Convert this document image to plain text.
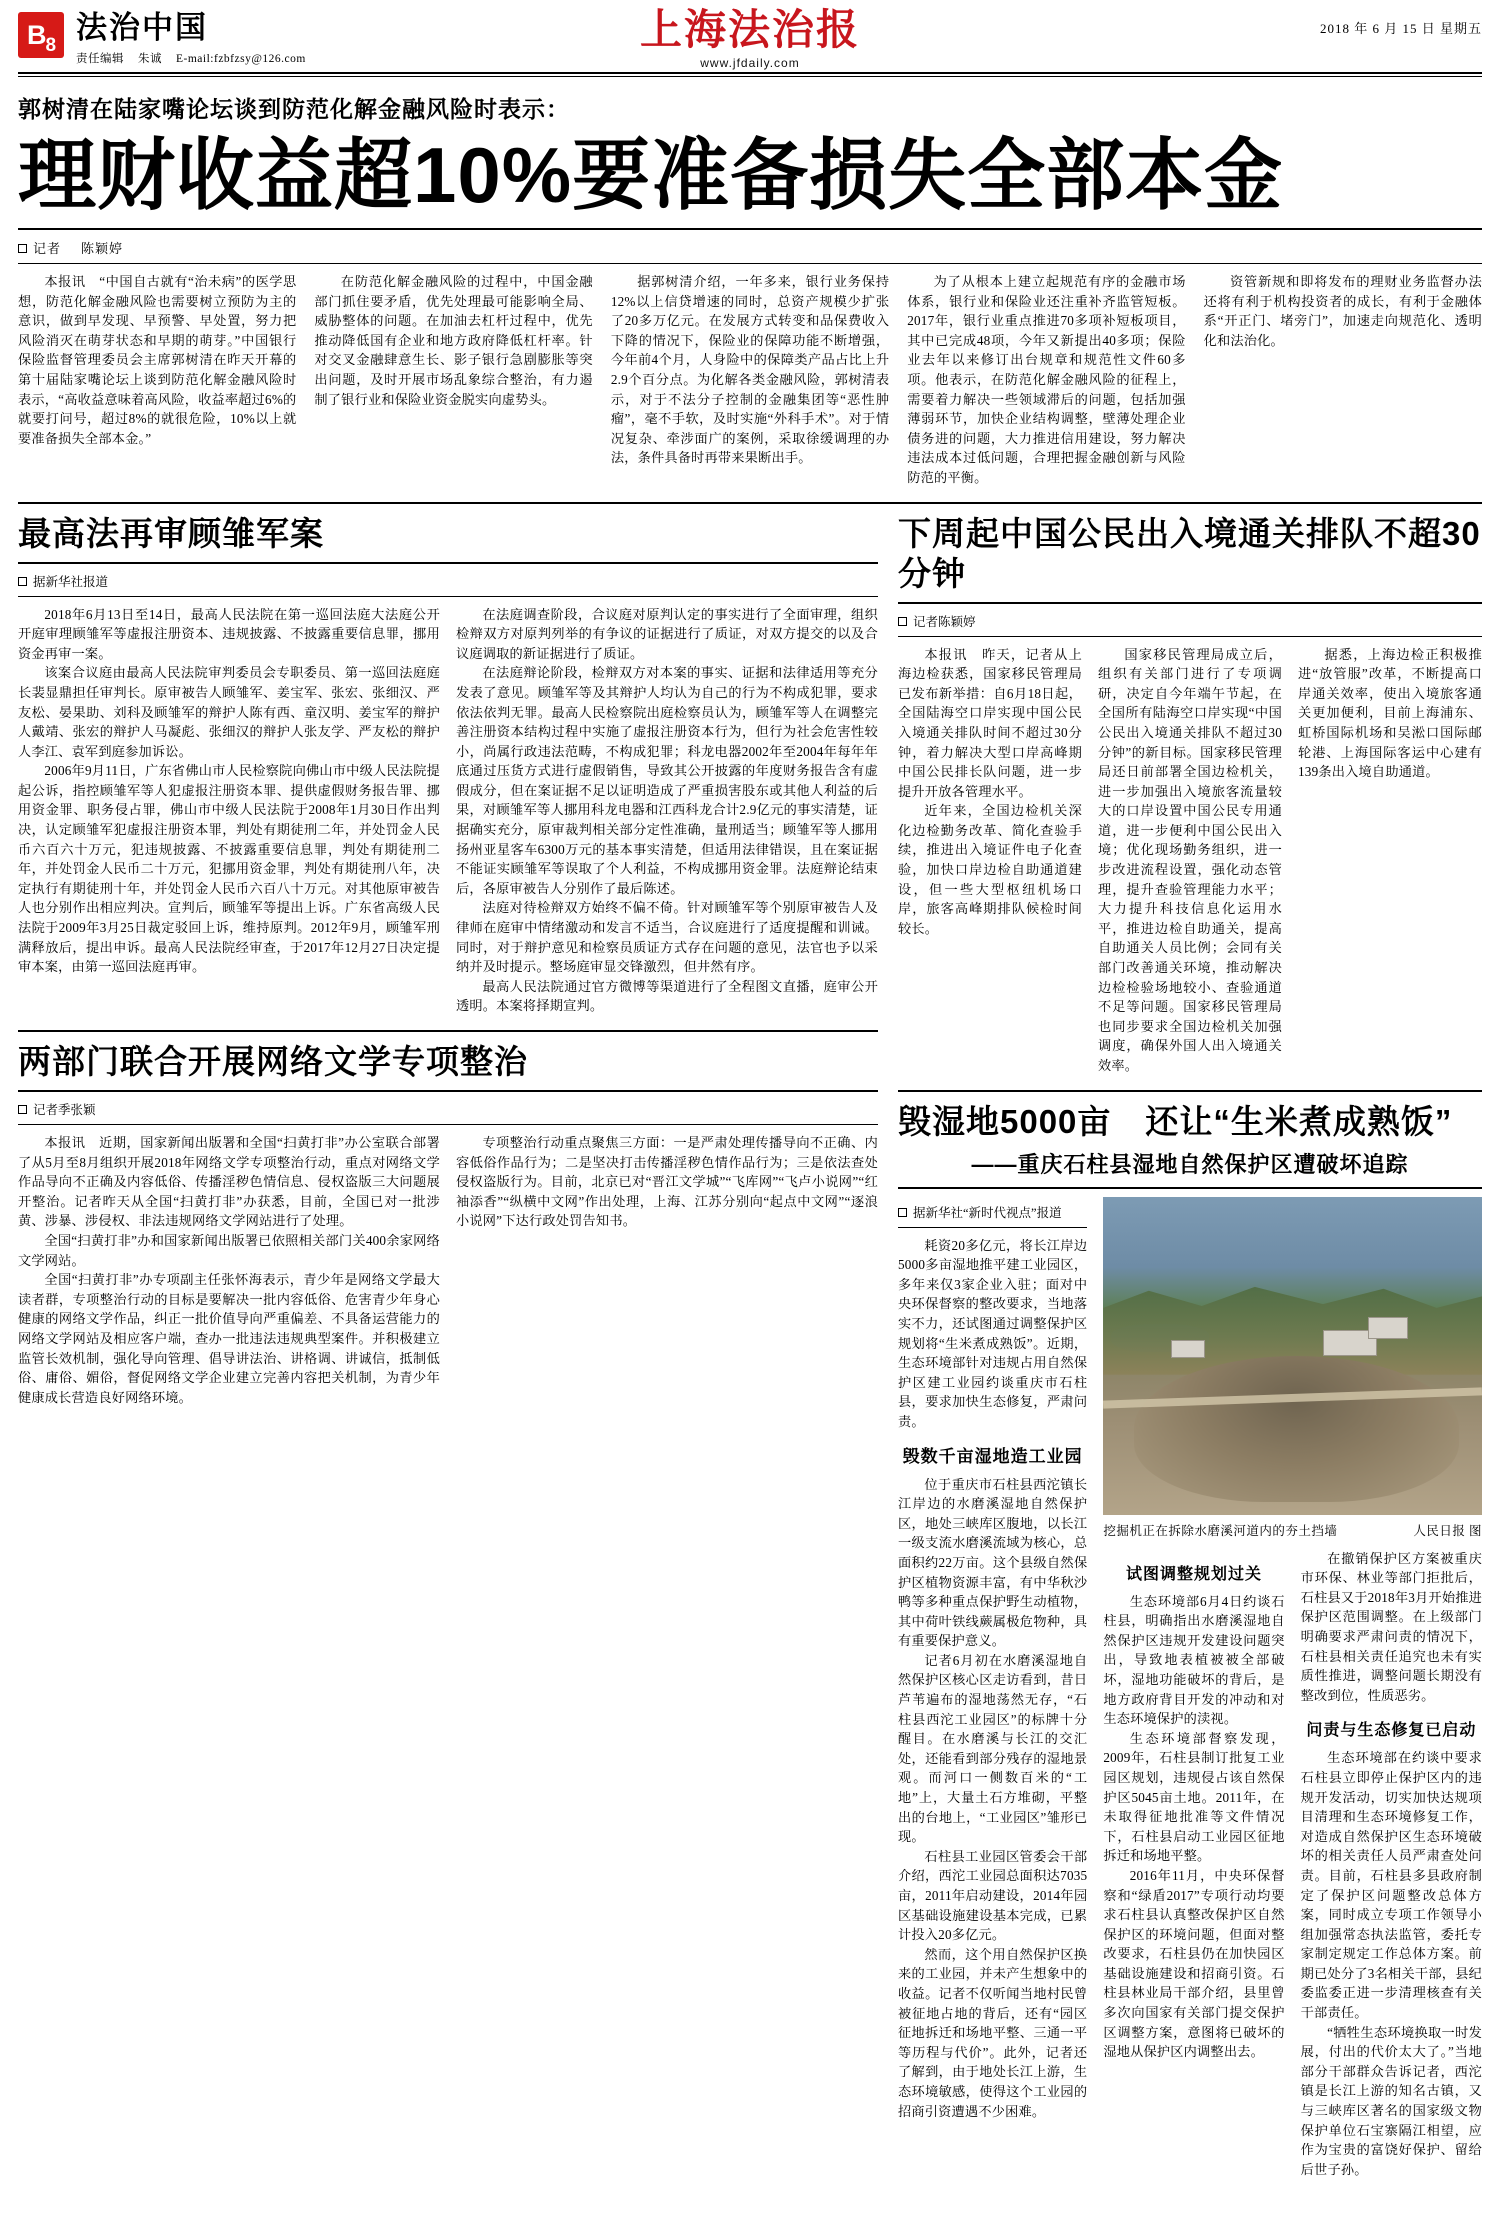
B 8
法治中国
责任编辑 朱诚 E-mail:fzbfzsy@126.com
上海法治报
www.jfdaily.com
2018 年 6 月 15 日 星期五
郭树清在陆家嘴论坛谈到防范化解金融风险时表示：
理财收益超10%要准备损失全部本金
记者 陈颖婷

本报讯　“中国自古就有“治未病”的医学思想，防范化解金融风险也需要树立预防为主的意识，做到早发现、早预警、早处置，努力把风险消灭在萌芽状态和早期的萌芽。”中国银行保险监督管理委员会主席郭树清在昨天开幕的第十届陆家嘴论坛上谈到防范化解金融风险时表示，“高收益意味着高风险，收益率超过6%的就要打问号，超过8%的就很危险，10%以上就要准备损失全部本金。”

在防范化解金融风险的过程中，中国金融部门抓住要矛盾，优先处理最可能影响全局、威胁整体的问题。在加油去杠杆过程中，优先推动降低国有企业和地方政府降低杠杆率。针对交叉金融肆意生长、影子银行急剧膨胀等突出问题，及时开展市场乱象综合整治，有力遏制了银行业和保险业资金脱实向虚势头。

据郭树清介绍，一年多来，银行业务保持12%以上信贷增速的同时，总资产规模少扩张了20多万亿元。在发展方式转变和品保费收入下降的情况下，保险业的保障功能不断增强，今年前4个月，人身险中的保障类产品占比上升2.9个百分点。为化解各类金融风险，郭树清表示，对于不法分子控制的金融集团等“恶性肿瘤”，毫不手软，及时实施“外科手术”。对于情况复杂、牵涉面广的案例，采取徐缓调理的办法，条件具备时再带来果断出手。

为了从根本上建立起规范有序的金融市场体系，银行业和保险业还注重补齐监管短板。2017年，银行业重点推进70多项补短板项目，其中已完成48项，今年又新提出40多项；保险业去年以来修订出台规章和规范性文件60多项。他表示，在防范化解金融风险的征程上，需要着力解决一些领域滞后的问题，包括加强薄弱环节，加快企业结构调整，壁薄处理企业债务进的问题，大力推进信用建设，努力解决违法成本过低问题，合理把握金融创新与风险防范的平衡。

资管新规和即将发布的理财业务监督办法还将有利于机构投资者的成长，有利于金融体系“开正门、堵旁门”，加速走向规范化、透明化和法治化。

最高法再审顾雏军案
据新华社报道

2018年6月13日至14日，最高人民法院在第一巡回法庭大法庭公开开庭审理顾雏军等虚报注册资本、违规披露、不披露重要信息罪，挪用资金再审一案。

该案合议庭由最高人民法院审判委员会专职委员、第一巡回法庭庭长裴显鼎担任审判长。原审被告人顾雏军、姜宝军、张宏、张细汉、严友松、晏果助、刘科及顾雏军的辩护人陈有西、童汉明、姜宝军的辩护人戴靖、张宏的辩护人马凝彪、张细汉的辩护人张友学、严友松的辩护人李江、袁军到庭参加诉讼。

2006年9月11日，广东省佛山市人民检察院向佛山市中级人民法院提起公诉，指控顾雏军等人犯虚报注册资本罪、提供虚假财务报告罪、挪用资金罪、职务侵占罪，佛山市中级人民法院于2008年1月30日作出判决，认定顾雏军犯虚报注册资本罪，判处有期徒刑二年，并处罚金人民币六百六十万元，犯违规披露、不披露重要信息罪，判处有期徒刑二年，并处罚金人民币二十万元，犯挪用资金罪，判处有期徒刑八年，决定执行有期徒刑十年，并处罚金人民币六百八十万元。对其他原审被告人也分别作出相应判决。宣判后，顾雏军等提出上诉。广东省高级人民法院于2009年3月25日裁定驳回上诉，维持原判。2012年9月，顾雏军刑满释放后，提出申诉。最高人民法院经审查，于2017年12月27日决定提审本案，由第一巡回法庭再审。

在法庭调查阶段，合议庭对原判认定的事实进行了全面审理，组织检辩双方对原判列举的有争议的证据进行了质证，对双方提交的以及合议庭调取的新证据进行了质证。

在法庭辩论阶段，检辩双方对本案的事实、证据和法律适用等充分发表了意见。顾雏军等及其辩护人均认为自己的行为不构成犯罪，要求依法依判无罪。最高人民检察院出庭检察员认为，顾雏军等人在调整完善注册资本结构过程中实施了虚报注册资本行为，但行为社会危害性较小，尚属行政违法范畴，不构成犯罪；科龙电器2002年至2004年每年年底通过压货方式进行虚假销售，导致其公开披露的年度财务报告含有虚假成分，但在案证据不足以证明造成了严重损害股东或其他人利益的后果，对顾雏军等人挪用科龙电器和江西科龙合计2.9亿元的事实清楚，证据确实充分，原审裁判相关部分定性准确，量刑适当；顾雏军等人挪用扬州亚星客车6300万元的基本事实清楚，但适用法律错误，且在案证据不能证实顾雏军等误取了个人利益，不构成挪用资金罪。法庭辩论结束后，各原审被告人分别作了最后陈述。

法庭对待检辩双方始终不偏不倚。针对顾雏军等个别原审被告人及律师在庭审中情绪激动和发言不适当，合议庭进行了适度提醒和训诫。同时，对于辩护意见和检察员质证方式存在问题的意见，法官也予以采纳并及时提示。整场庭审显交锋激烈，但井然有序。

最高人民法院通过官方微博等渠道进行了全程图文直播，庭审公开透明。本案将择期宣判。

两部门联合开展网络文学专项整治
记者季张颖

本报讯　近期，国家新闻出版署和全国“扫黄打非”办公室联合部署了从5月至8月组织开展2018年网络文学专项整治行动，重点对网络文学作品导向不正确及内容低俗、传播淫秽色情信息、侵权盗版三大问题展开整治。记者昨天从全国“扫黄打非”办获悉，目前，全国已对一批涉黄、涉暴、涉侵权、非法违规网络文学网站进行了处理。

全国“扫黄打非”办和国家新闻出版署已依照相关部门关400余家网络文学网站。

全国“扫黄打非”办专项副主任张怀海表示，青少年是网络文学最大读者群，专项整治行动的目标是要解决一批内容低俗、危害青少年身心健康的网络文学作品，纠正一批价值导向严重偏差、不具备运营能力的网络文学网站及相应客户端，查办一批违法违规典型案件。并积极建立监管长效机制，强化导向管理、倡导讲法治、讲格调、讲诚信，抵制低俗、庸俗、媚俗，督促网络文学企业建立完善内容把关机制，为青少年健康成长营造良好网络环境。

专项整治行动重点聚焦三方面：一是严肃处理传播导向不正确、内容低俗作品行为；二是坚决打击传播淫秽色情作品行为；三是依法查处侵权盗版行为。目前，北京已对“晋江文学城”“飞库网”“飞卢小说网”“红袖添香”“纵横中文网”作出处理，上海、江苏分别向“起点中文网”“逐浪小说网”下达行政处罚告知书。

下周起中国公民出入境通关排队不超30分钟
记者陈颖婷

本报讯　昨天，记者从上海边检获悉，国家移民管理局已发布新举措：自6月18日起，全国陆海空口岸实现中国公民入境通关排队时间不超过30分钟，着力解决大型口岸高峰期中国公民排长队问题，进一步提升开放各管理水平。

近年来，全国边检机关深化边检勤务改革、简化查验手续，推进出入境证件电子化查验，加快口岸边检自助通道建设，但一些大型枢纽机场口岸，旅客高峰期排队候检时间较长。

国家移民管理局成立后，组织有关部门进行了专项调研，决定自今年端午节起，在全国所有陆海空口岸实现“中国公民出入境通关排队不超过30分钟”的新目标。国家移民管理局还日前部署全国边检机关，进一步加强出入境旅客流量较大的口岸设置中国公民专用通道，进一步便利中国公民出入境；优化现场勤务组织，进一步改进流程设置，强化动态管理，提升查验管理能力水平；大力提升科技信息化运用水平，推进边检自助通关，提高自助通关人员比例；会同有关部门改善通关环境，推动解决边检检验场地较小、查验通道不足等问题。国家移民管理局也同步要求全国边检机关加强调度，确保外国人出入境通关效率。

据悉，上海边检正积极推进“放管服”改革，不断提高口岸通关效率，使出入境旅客通关更加便利，目前上海浦东、虹桥国际机场和吴淞口国际邮轮港、上海国际客运中心建有139条出入境自助通道。

毁湿地5000亩　还让“生米煮成熟饭”
——重庆石柱县湿地自然保护区遭破坏追踪
据新华社“新时代视点”报道

耗资20多亿元，将长江岸边5000多亩湿地推平建工业园区，多年来仅3家企业入驻；面对中央环保督察的整改要求，当地落实不力，还试图通过调整保护区规划将“生米煮成熟饭”。近期，生态环境部针对违规占用自然保护区建工业园约谈重庆市石柱县，要求加快生态修复，严肃问责。

毁数千亩湿地造工业园

位于重庆市石柱县西沱镇长江岸边的水磨溪湿地自然保护区，地处三峡库区腹地，以长江一级支流水磨溪流域为核心，总面积约22万亩。这个县级自然保护区植物资源丰富，有中华秋沙鸭等多种重点保护野生动植物，其中荷叶铁线蕨属极危物种，具有重要保护意义。

记者6月初在水磨溪湿地自然保护区核心区走访看到，昔日芦苇遍布的湿地荡然无存，“石柱县西沱工业园区”的标牌十分醒目。在水磨溪与长江的交汇处，还能看到部分残存的湿地景观。而河口一侧数百米的“工地”上，大量土石方堆砌，平整出的台地上，“工业园区”雏形已现。

石柱县工业园区管委会干部介绍，西沱工业园总面积达7035亩，2011年启动建设，2014年园区基础设施建设基本完成，已累计投入20多亿元。

然而，这个用自然保护区换来的工业园，并未产生想象中的收益。记者不仅听闻当地村民曾被征地占地的背后，还有“园区征地拆迁和场地平整、三通一平等历程与代价”。此外，记者还了解到，由于地处长江上游，生态环境敏感，使得这个工业园的招商引资遭遇不少困难。

挖掘机正在拆除水磨溪河道内的夯土挡墙	人民日报 图
试图调整规划过关

生态环境部6月4日约谈石柱县，明确指出水磨溪湿地自然保护区违规开发建设问题突出，导致地表植被被全部破坏，湿地功能破坏的背后，是地方政府背目开发的冲动和对生态环境保护的渎视。

生态环境部督察发现，2009年，石柱县制订批复工业园区规划，违规侵占该自然保护区5045亩土地。2011年，在未取得征地批准等文件情况下，石柱县启动工业园区征地拆迁和场地平整。

2016年11月，中央环保督察和“绿盾2017”专项行动均要求石柱县认真整改保护区自然保护区的环境问题，但面对整改要求，石柱县仍在加快园区基础设施建设和招商引资。石柱县林业局干部介绍，县里曾多次向国家有关部门提交保护区调整方案，意图将已破坏的湿地从保护区内调整出去。

在撤销保护区方案被重庆市环保、林业等部门拒批后，石柱县又于2018年3月开始推进保护区范围调整。在上级部门明确要求严肃问责的情况下，石柱县相关责任追究也未有实质性推进，调整问题长期没有整改到位，性质恶劣。

问责与生态修复已启动

生态环境部在约谈中要求石柱县立即停止保护区内的违规开发活动，切实加快达规项目清理和生态环境修复工作，对造成自然保护区生态环境破坏的相关责任人员严肃查处问责。目前，石柱县多县政府制定了保护区问题整改总体方案，同时成立专项工作领导小组加强常态执法监管，委托专家制定规定工作总体方案。前期已处分了3名相关干部，县纪委监委正进一步清理核查有关干部责任。

“牺牲生态环境换取一时发展，付出的代价太大了。”当地部分干部群众告诉记者，西沱镇是长江上游的知名古镇，又与三峡库区著名的国家级文物保护单位石宝寨隔江相望，应作为宝贵的富饶好保护、留给后世子孙。
